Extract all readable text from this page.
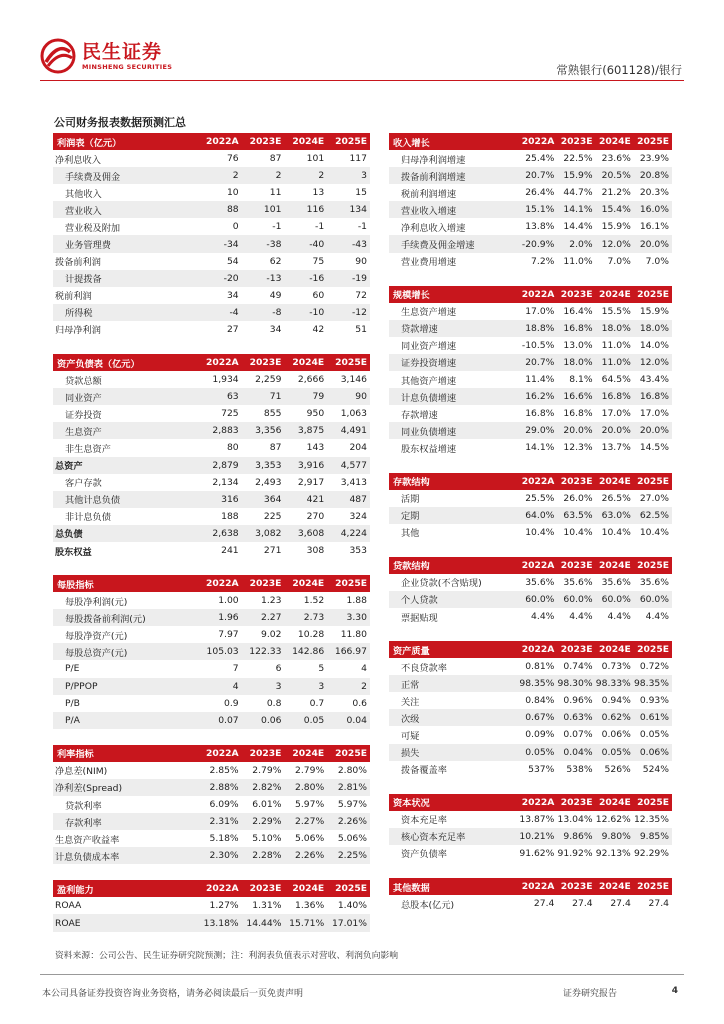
民生证券
MINSHENG SECURITIES	常熟银行(601128)/银行
公司财务报表数据预测汇总
利润表（亿元）	2022A	2023E	2024E	2025E
净利息收入	76	87	101	117
手续费及佣金	2	2	2	3
其他收入	10	11	13	15
营业收入	88	101	116	134
营业税及附加	0	-1	-1	-1
业务管理费	-34	-38	-40	-43
拨备前利润	54	62	75	90
计提拨备	-20	-13	-16	-19
税前利润	34	49	60	72
所得税	-4	-8	-10	-12
归母净利润	27	34	42	51
资产负债表（亿元）	2022A	2023E	2024E	2025E
贷款总额	1,934	2,259	2,666	3,146
同业资产	63	71	79	90
证券投资	725	855	950	1,063
生息资产	2,883	3,356	3,875	4,491
非生息资产	80	87	143	204
总资产	2,879	3,353	3,916	4,577
客户存款	2,134	2,493	2,917	3,413
其他计息负债	316	364	421	487
非计息负债	188	225	270	324
总负债	2,638	3,082	3,608	4,224
股东权益	241	271	308	353
每股指标	2022A	2023E	2024E	2025E
每股净利润(元)	1.00	1.23	1.52	1.88
每股拨备前利润(元)	1.96	2.27	2.73	3.30
每股净资产(元)	7.97	9.02	10.28	11.80
每股总资产(元)	105.03	122.33	142.86	166.97
P/E	7	6	5	4
P/PPOP	4	3	3	2
P/B	0.9	0.8	0.7	0.6
P/A	0.07	0.06	0.05	0.04
利率指标	2022A	2023E	2024E	2025E
净息差(NIM)	2.85%	2.79%	2.79%	2.80%
净利差(Spread)	2.88%	2.82%	2.80%	2.81%
贷款利率	6.09%	6.01%	5.97%	5.97%
存款利率	2.31%	2.29%	2.27%	2.26%
生息资产收益率	5.18%	5.10%	5.06%	5.06%
计息负债成本率	2.30%	2.28%	2.26%	2.25%
盈利能力	2022A	2023E	2024E	2025E
ROAA	1.27%	1.31%	1.36%	1.40%
ROAE	13.18%	14.44%	15.71%	17.01%
收入增长	2022A	2023E	2024E	2025E
归母净利润增速	25.4%	22.5%	23.6%	23.9%
拨备前利润增速	20.7%	15.9%	20.5%	20.8%
税前利润增速	26.4%	44.7%	21.2%	20.3%
营业收入增速	15.1%	14.1%	15.4%	16.0%
净利息收入增速	13.8%	14.4%	15.9%	16.1%
手续费及佣金增速	-20.9%	2.0%	12.0%	20.0%
营业费用增速	7.2%	11.0%	7.0%	7.0%
规模增长	2022A	2023E	2024E	2025E
生息资产增速	17.0%	16.4%	15.5%	15.9%
贷款增速	18.8%	16.8%	18.0%	18.0%
同业资产增速	-10.5%	13.0%	11.0%	14.0%
证券投资增速	20.7%	18.0%	11.0%	12.0%
其他资产增速	11.4%	8.1%	64.5%	43.4%
计息负债增速	16.2%	16.6%	16.8%	16.8%
存款增速	16.8%	16.8%	17.0%	17.0%
同业负债增速	29.0%	20.0%	20.0%	20.0%
股东权益增速	14.1%	12.3%	13.7%	14.5%
存款结构	2022A	2023E	2024E	2025E
活期	25.5%	26.0%	26.5%	27.0%
定期	64.0%	63.5%	63.0%	62.5%
其他	10.4%	10.4%	10.4%	10.4%
贷款结构	2022A	2023E	2024E	2025E
企业贷款(不含贴现)	35.6%	35.6%	35.6%	35.6%
个人贷款	60.0%	60.0%	60.0%	60.0%
票据贴现	4.4%	4.4%	4.4%	4.4%
资产质量	2022A	2023E	2024E	2025E
不良贷款率	0.81%	0.74%	0.73%	0.72%
正常	98.35%	98.30%	98.33%	98.35%
关注	0.84%	0.96%	0.94%	0.93%
次级	0.67%	0.63%	0.62%	0.61%
可疑	0.09%	0.07%	0.06%	0.05%
损失	0.05%	0.04%	0.05%	0.06%
拨备覆盖率	537%	538%	526%	524%
资本状况	2022A	2023E	2024E	2025E
资本充足率	13.87%	13.04%	12.62%	12.35%
核心资本充足率	10.21%	9.86%	9.80%	9.85%
资产负债率	91.62%	91.92%	92.13%	92.29%
其他数据	2022A	2023E	2024E	2025E
总股本(亿元)	27.4	27.4	27.4	27.4
资料来源：公司公告、民生证券研究院预测；注：利润表负值表示对营收、利润负向影响
本公司具备证券投资咨询业务资格，请务必阅读最后一页免责声明	证券研究报告	4
